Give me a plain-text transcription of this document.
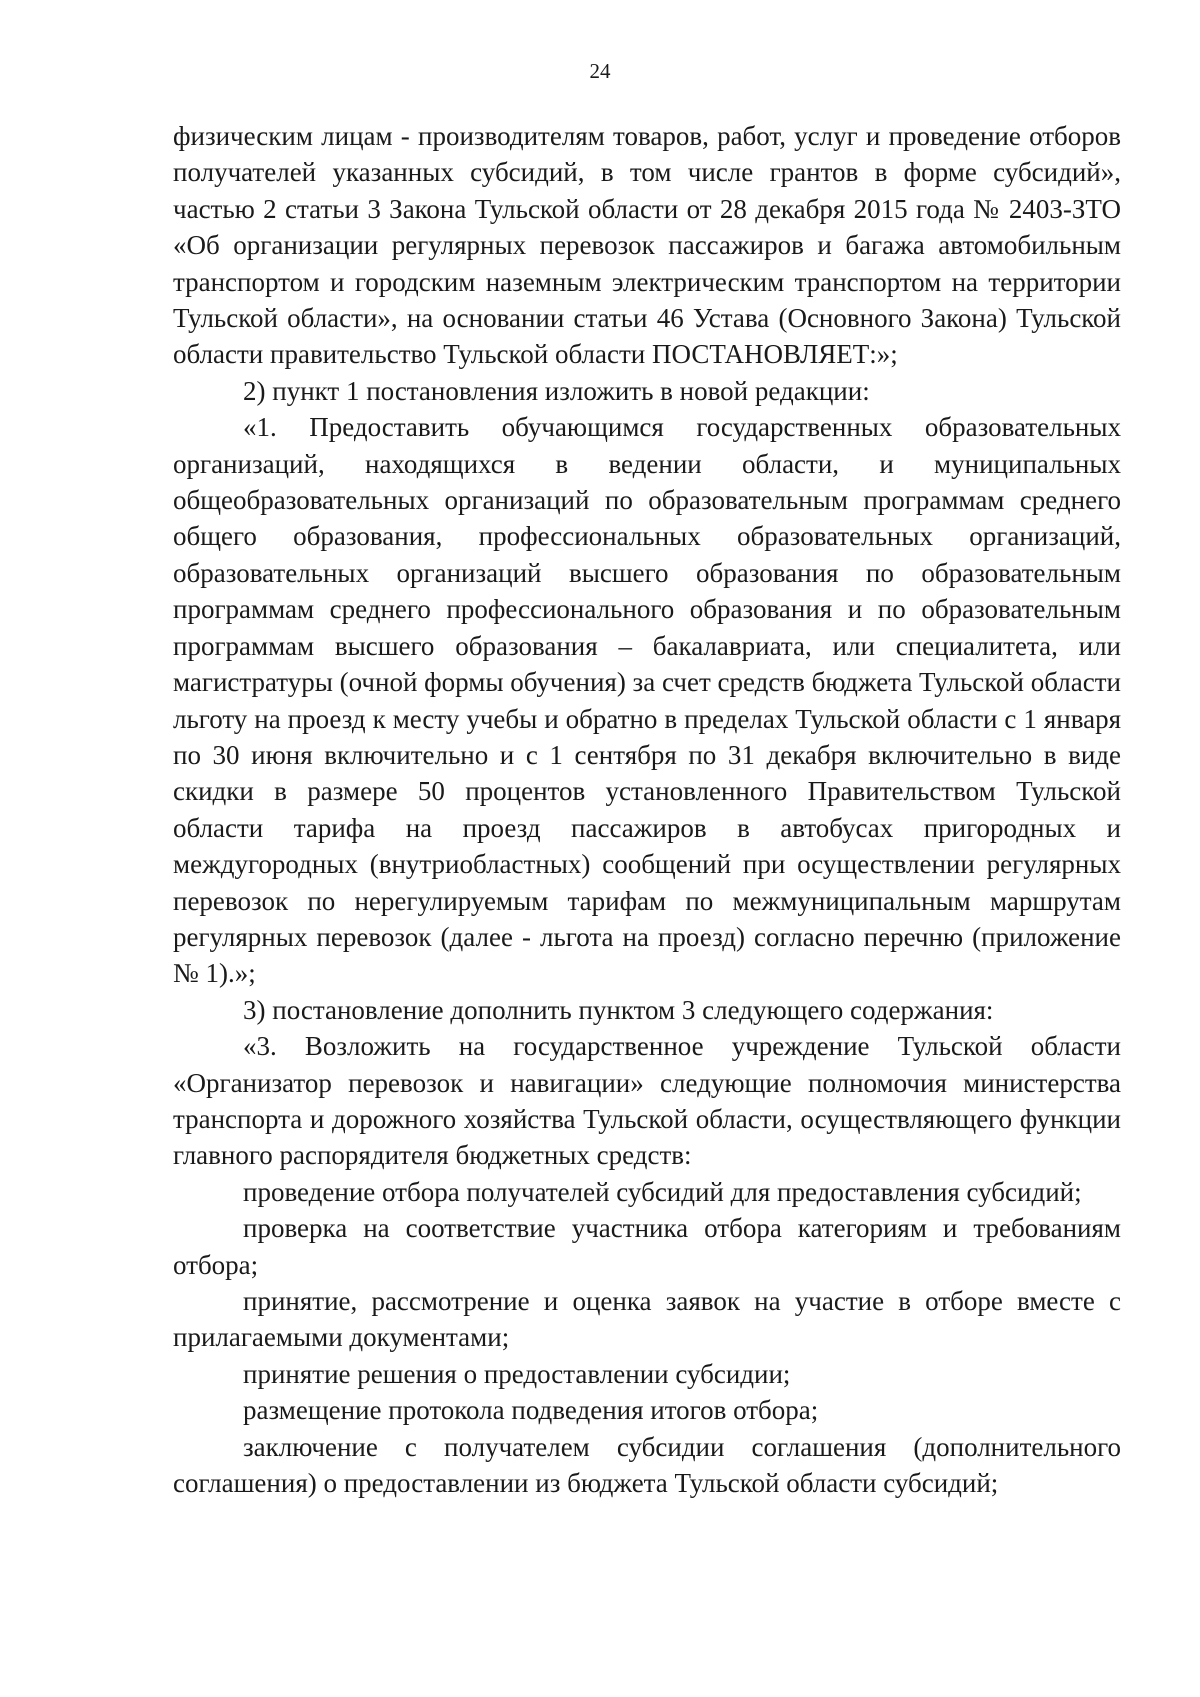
24

физическим лицам - производителям товаров, работ, услуг и проведение отборов получателей указанных субсидий, в том числе грантов в форме субсидий», частью 2 статьи 3 Закона Тульской области от 28 декабря 2015 года № 2403-ЗТО «Об организации регулярных перевозок пассажиров и багажа автомобильным транспортом и городским наземным электрическим транспортом на территории Тульской области», на основании статьи 46 Устава (Основного Закона) Тульской области правительство Тульской области ПОСТАНОВЛЯЕТ:»;

2) пункт 1 постановления изложить в новой редакции:

«1. Предоставить обучающимся государственных образовательных организаций, находящихся в ведении области, и муниципальных общеобразовательных организаций по образовательным программам среднего общего образования, профессиональных образовательных организаций, образовательных организаций высшего образования по образовательным программам среднего профессионального образования и по образовательным программам высшего образования – бакалавриата, или специалитета, или магистратуры (очной формы обучения) за счет средств бюджета Тульской области льготу на проезд к месту учебы и обратно в пределах Тульской области с 1 января по 30 июня включительно и с 1 сентября по 31 декабря включительно в виде скидки в размере 50 процентов установленного Правительством Тульской области тарифа на проезд пассажиров в автобусах пригородных и междугородных (внутриобластных) сообщений при осуществлении регулярных перевозок по нерегулируемым тарифам по межмуниципальным маршрутам регулярных перевозок (далее - льгота на проезд) согласно перечню (приложение № 1).»;

3) постановление дополнить пунктом 3 следующего содержания:

«3. Возложить на государственное учреждение Тульской области «Организатор перевозок и навигации» следующие полномочия министерства транспорта и дорожного хозяйства Тульской области, осуществляющего функции главного распорядителя бюджетных средств:

проведение отбора получателей субсидий для предоставления субсидий;

проверка на соответствие участника отбора категориям и требованиям отбора;

принятие, рассмотрение и оценка заявок на участие в отборе вместе с прилагаемыми документами;

принятие решения о предоставлении субсидии;

размещение протокола подведения итогов отбора;

заключение с получателем субсидии соглашения (дополнительного соглашения) о предоставлении из бюджета Тульской области субсидий;
